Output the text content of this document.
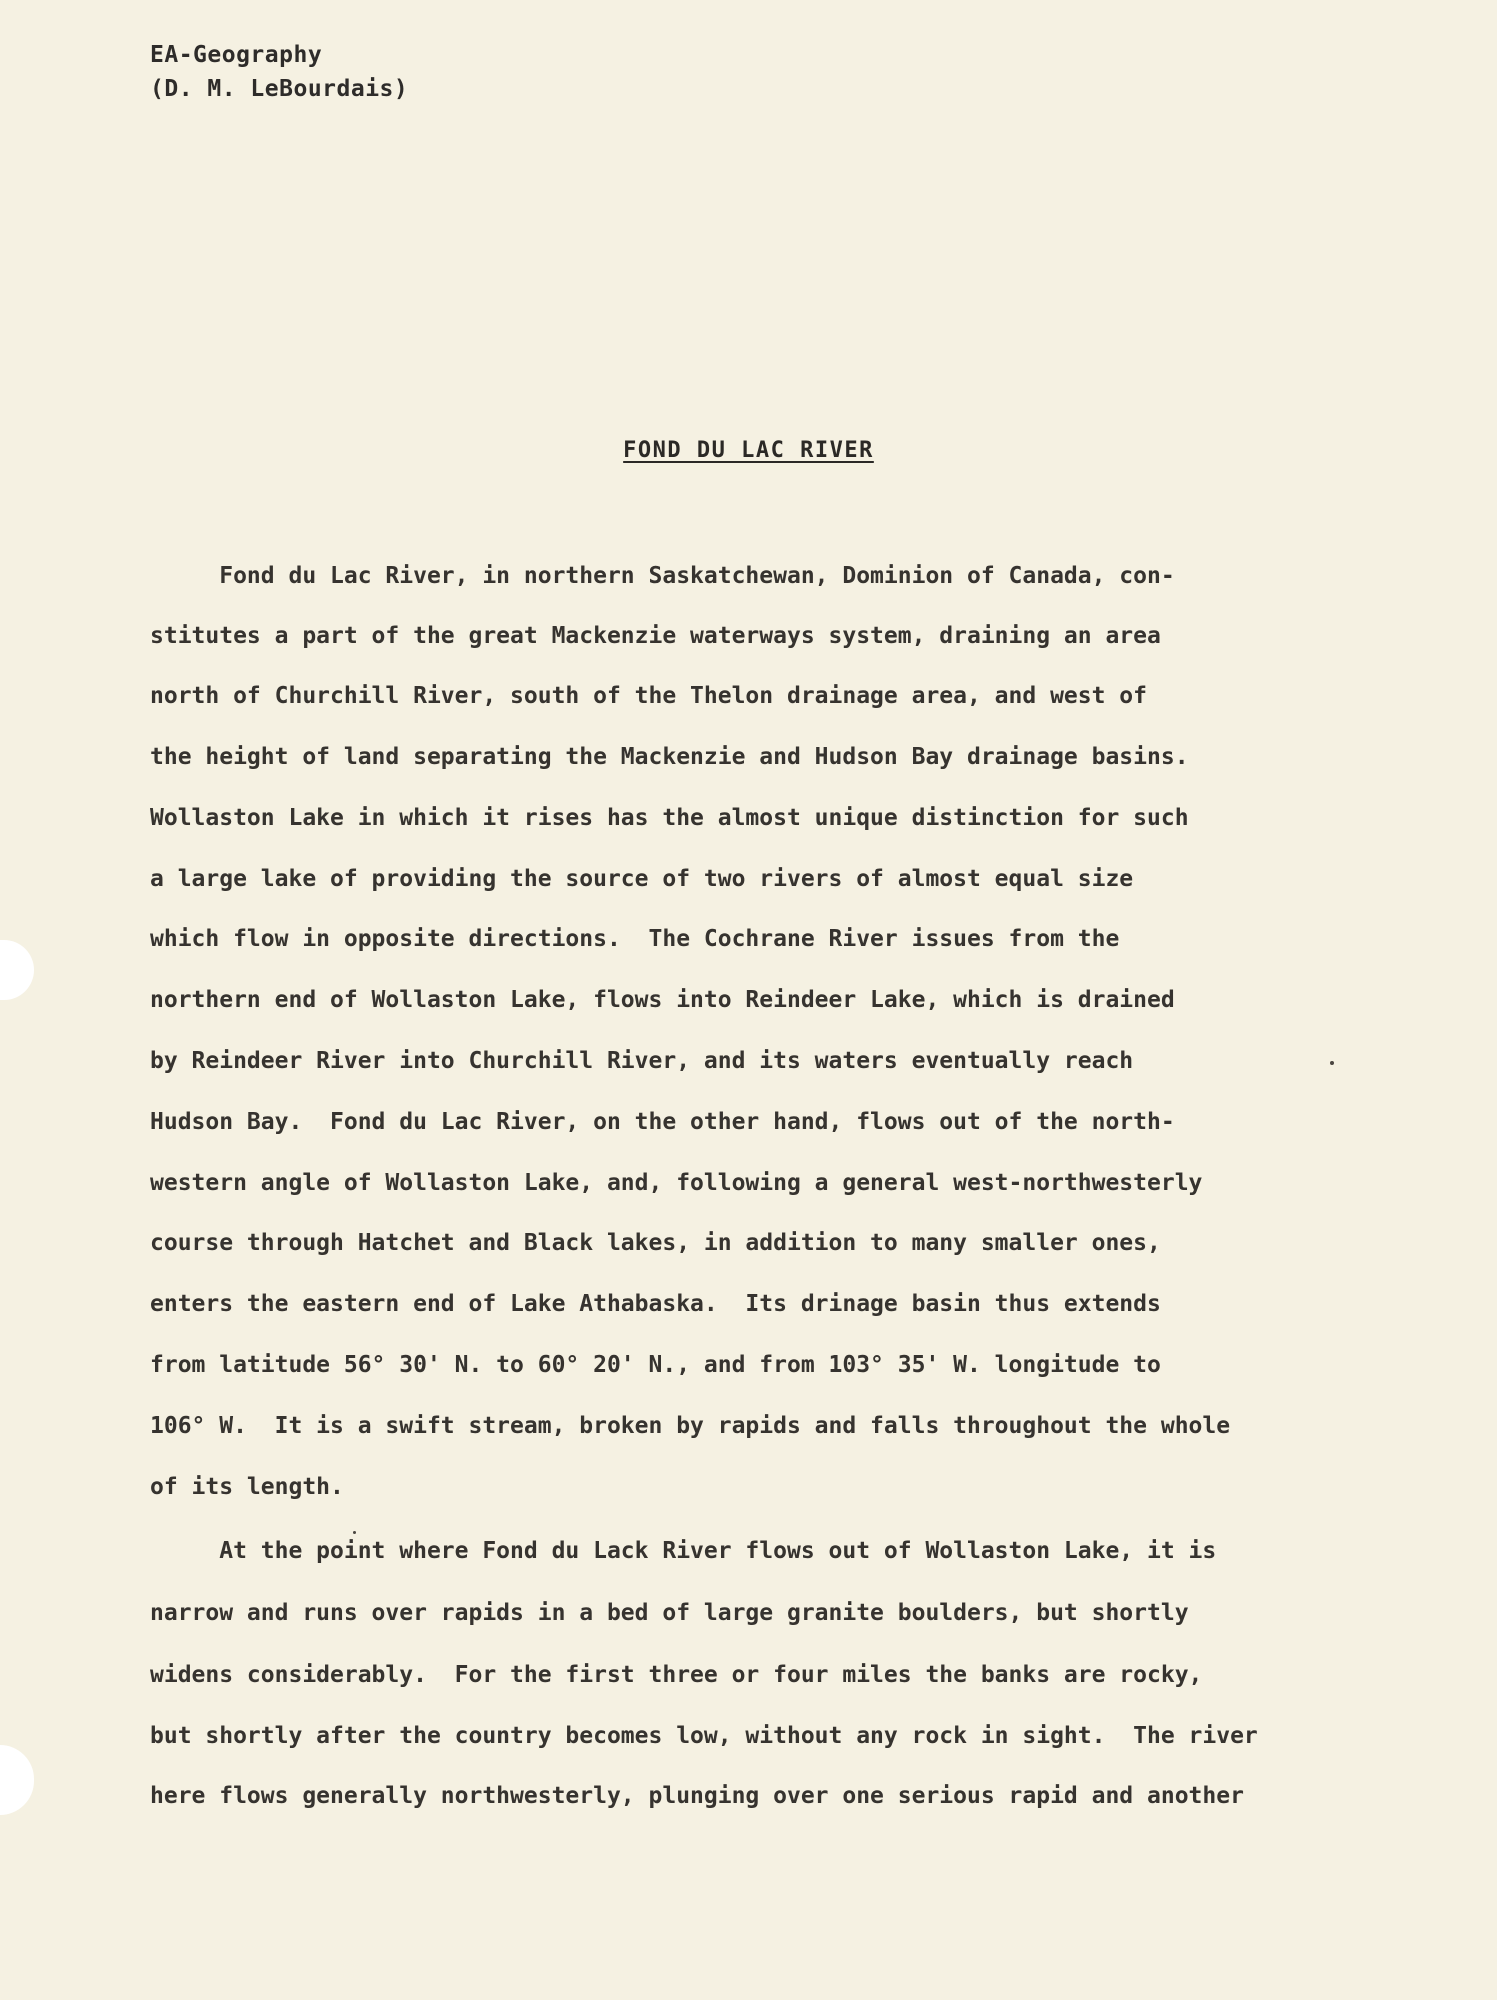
EA-Geography
(D. M. LeBourdais)
FOND DU LAC RIVER
Fond du Lac River, in northern Saskatchewan, Dominion of Canada, con-
stitutes a part of the great Mackenzie waterways system, draining an area
north of Churchill River, south of the Thelon drainage area, and west of
the height of land separating the Mackenzie and Hudson Bay drainage basins.
Wollaston Lake in which it rises has the almost unique distinction for such
a large lake of providing the source of two rivers of almost equal size
which flow in opposite directions.  The Cochrane River issues from the
northern end of Wollaston Lake, flows into Reindeer Lake, which is drained
by Reindeer River into Churchill River, and its waters eventually reach
Hudson Bay.  Fond du Lac River, on the other hand, flows out of the north-
western angle of Wollaston Lake, and, following a general west-northwesterly
course through Hatchet and Black lakes, in addition to many smaller ones,
enters the eastern end of Lake Athabaska.  Its drinage basin thus extends
from latitude 56° 30' N. to 60° 20' N., and from 103° 35' W. longitude to
106° W.  It is a swift stream, broken by rapids and falls throughout the whole
of its length.
At the point where Fond du Lack River flows out of Wollaston Lake, it is
narrow and runs over rapids in a bed of large granite boulders, but shortly
widens considerably.  For the first three or four miles the banks are rocky,
but shortly after the country becomes low, without any rock in sight.  The river
here flows generally northwesterly, plunging over one serious rapid and another
